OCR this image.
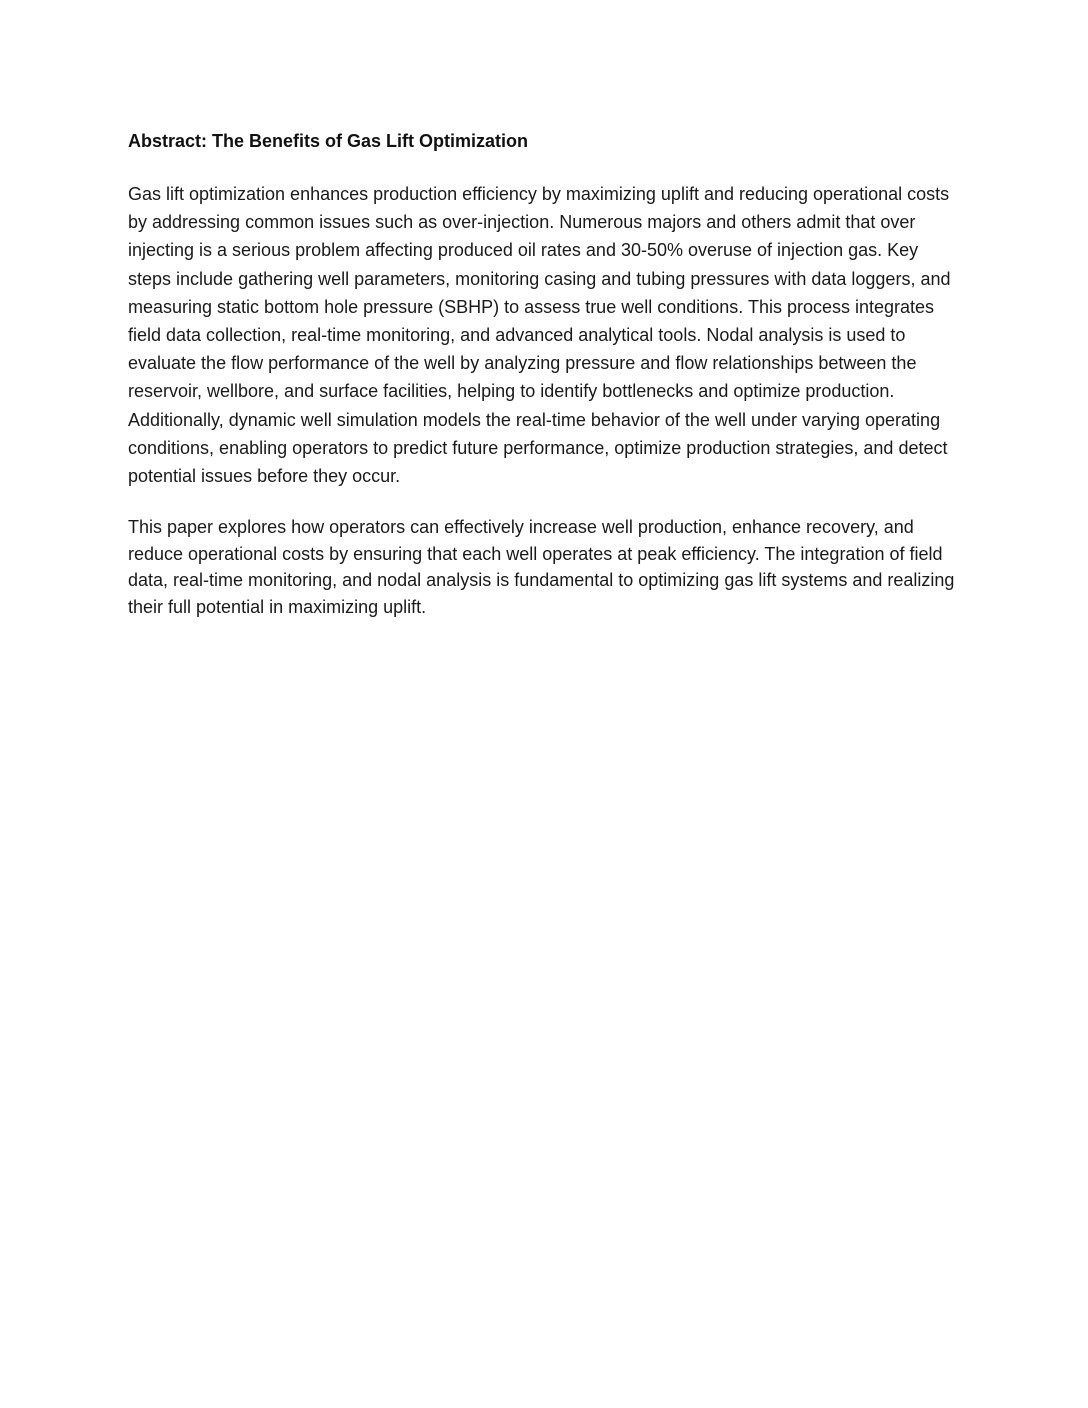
Abstract: The Benefits of Gas Lift Optimization

Gas lift optimization enhances production efficiency by maximizing uplift and reducing operational costs by addressing common issues such as over-injection. Numerous majors and others admit that over injecting is a serious problem affecting produced oil rates and 30-50% overuse of injection gas. Key steps include gathering well parameters, monitoring casing and tubing pressures with data loggers, and measuring static bottom hole pressure (SBHP) to assess true well conditions. This process integrates field data collection, real-time monitoring, and advanced analytical tools. Nodal analysis is used to evaluate the flow performance of the well by analyzing pressure and flow relationships between the reservoir, wellbore, and surface facilities, helping to identify bottlenecks and optimize production. Additionally, dynamic well simulation models the real-time behavior of the well under varying operating conditions, enabling operators to predict future performance, optimize production strategies, and detect potential issues before they occur.

This paper explores how operators can effectively increase well production, enhance recovery, and reduce operational costs by ensuring that each well operates at peak efficiency. The integration of field data, real-time monitoring, and nodal analysis is fundamental to optimizing gas lift systems and realizing their full potential in maximizing uplift.
